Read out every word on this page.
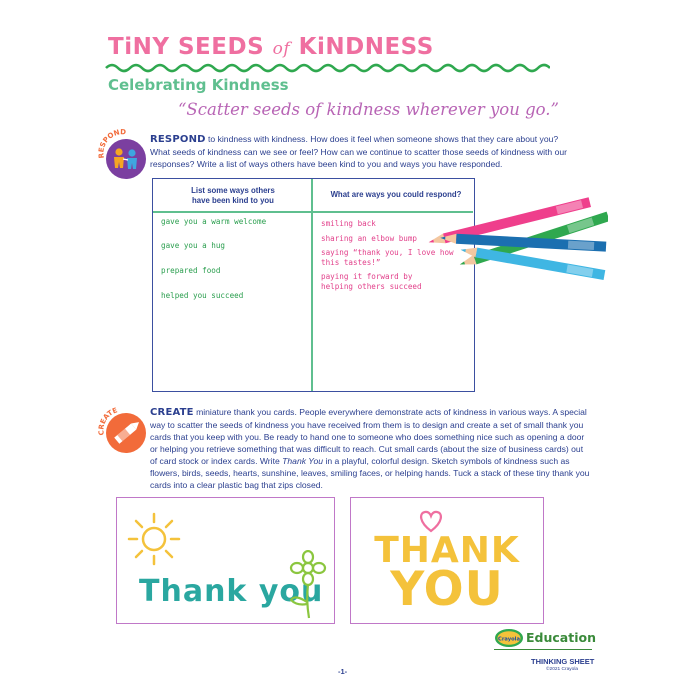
TiNY SEEDS of KiNDNESS
Celebrating Kindness
“Scatter seeds of kindness wherever you go.”
RESPOND
RESPOND to kindness with kindness. How does it feel when someone shows that they care about you? What seeds of kindness can we see or feel? How can we continue to scatter those seeds of kindness with our responses? Write a list of ways others have been kind to you and ways you have responded.
List some ways others
have been kind to you
What are ways you could respond?
gave you a warm welcome
gave you a hug
prepared food
helped you succeed
smiling back
sharing an elbow bump
saying “thank you, I love how this tastes!”
paying it forward by helping others succeed
CREATE	CREATE miniature thank you cards. People everywhere demonstrate acts of kindness in various ways. A special way to scatter the seeds of kindness you have received from them is to design and create a set of small thank you cards that you keep with you. Be ready to hand one to someone who does something nice such as opening a door or helping you retrieve something that was difficult to reach. Cut small cards (about the size of business cards) out of card stock or index cards. Write Thank You in a playful, colorful design. Sketch symbols of kindness such as flowers, birds, seeds, hearts, sunshine, leaves, smiling faces, or helping hands. Tuck a stack of these tiny thank you cards into a clear plastic bag that zips closed.
Thank you
THANK
YOU
Crayola Education
THINKING SHEET
©2021 Crayola
-1-
